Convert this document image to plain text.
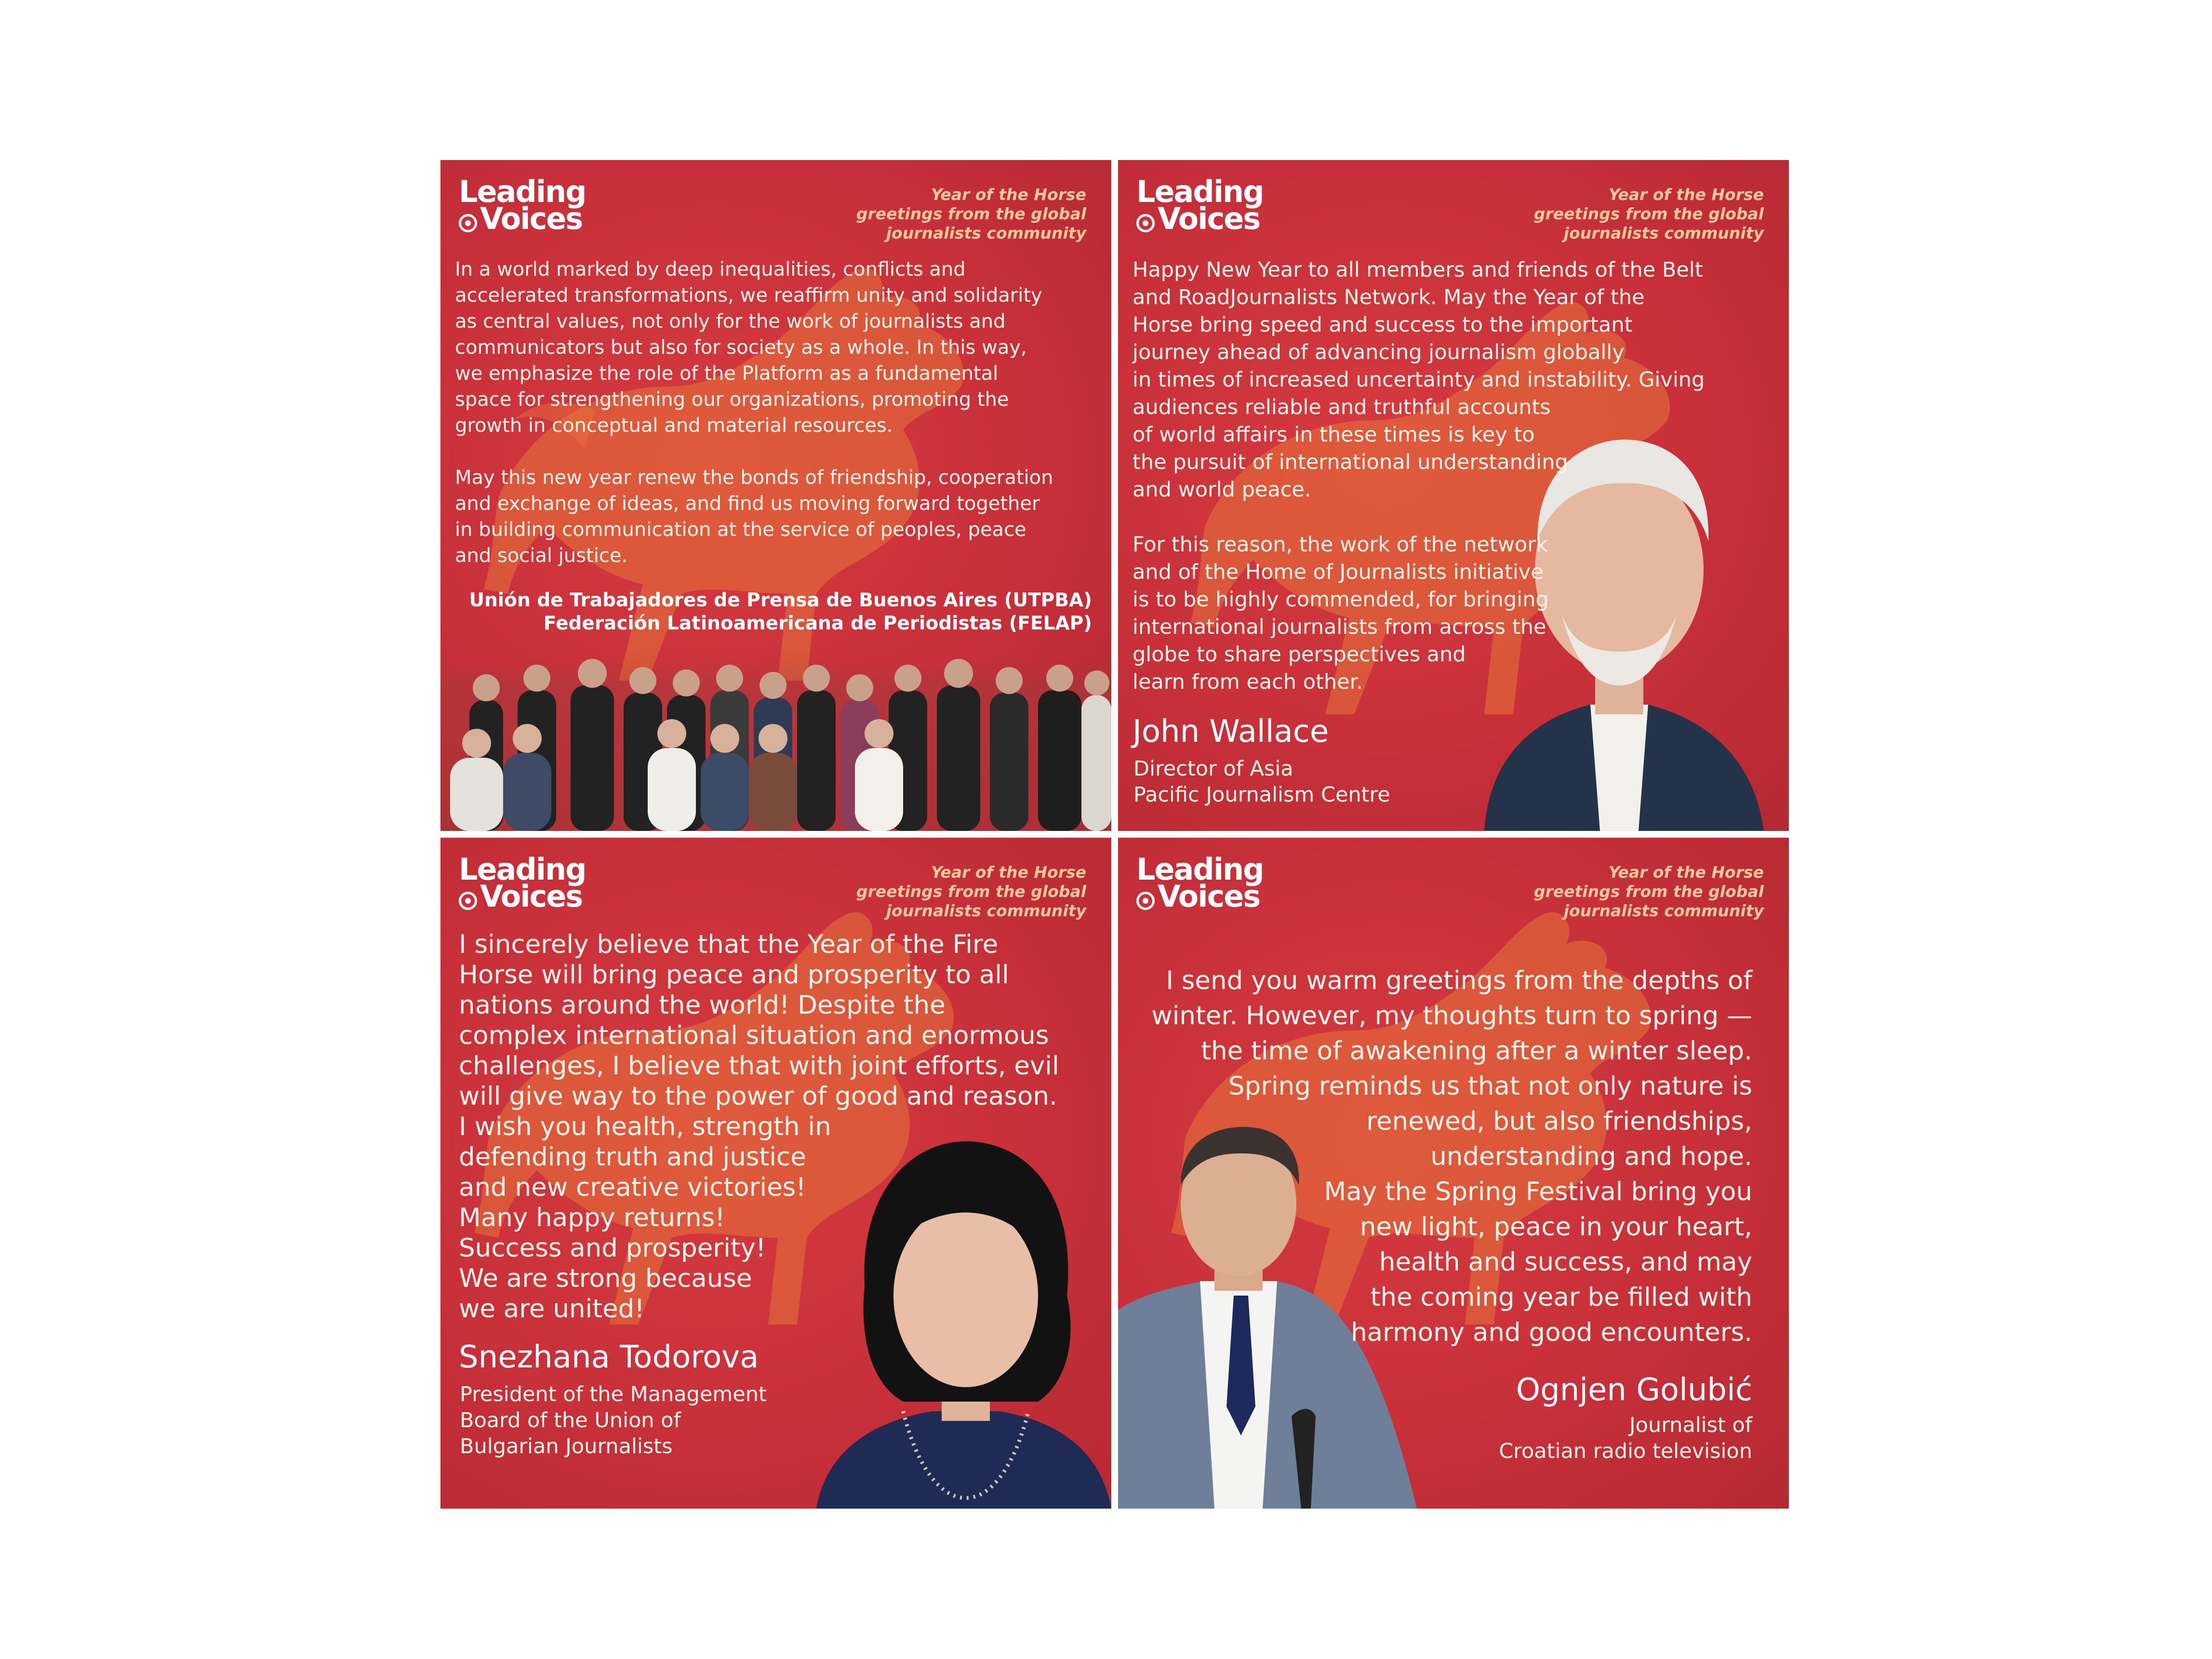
Leading
Voices
Year of the Horse
greetings from the global
journalists community

In a world marked by deep inequalities, conflicts and
accelerated transformations, we reaffirm unity and solidarity
as central values, not only for the work of journalists and
communicators but also for society as a whole. In this way,
we emphasize the role of the Platform as a fundamental
space for strengthening our organizations, promoting the
growth in conceptual and material resources.

May this new year renew the bonds of friendship, cooperation
and exchange of ideas, and find us moving forward together
in building communication at the service of peoples, peace
and social justice.

Unión de Trabajadores de Prensa de Buenos Aires (UTPBA)
Federación Latinoamericana de Periodistas (FELAP)
Leading
Voices
Year of the Horse
greetings from the global
journalists community
Happy New Year to all members and friends of the Belt
and RoadJournalists Network. May the Year of the
Horse bring speed and success to the important
journey ahead of advancing journalism globally
in times of increased uncertainty and instability. Giving
audiences reliable and truthful accounts
of world affairs in these times is key to
the pursuit of international understanding
and world peace.
For this reason, the work of the network
and of the Home of Journalists initiative
is to be highly commended, for bringing
international journalists from across the
globe to share perspectives and
learn from each other.
John Wallace
Director of Asia
Pacific Journalism Centre
Leading
Voices
Year of the Horse
greetings from the global
journalists community
I sincerely believe that the Year of the Fire
Horse will bring peace and prosperity to all
nations around the world! Despite the
complex international situation and enormous
challenges, I believe that with joint efforts, evil
will give way to the power of good and reason.
I wish you health, strength in
defending truth and justice
and new creative victories!
Many happy returns!
Success and prosperity!
We are strong because
we are united!
Snezhana Todorova
President of the Management
Board of the Union of
Bulgarian Journalists
Leading
Voices
Year of the Horse
greetings from the global
journalists community
I send you warm greetings from the depths of
winter. However, my thoughts turn to spring —
the time of awakening after a winter sleep.
Spring reminds us that not only nature is
renewed, but also friendships,
understanding and hope.
May the Spring Festival bring you
new light, peace in your heart,
health and success, and may
the coming year be filled with
harmony and good encounters.
Ognjen Golubić
Journalist of
Croatian radio television
